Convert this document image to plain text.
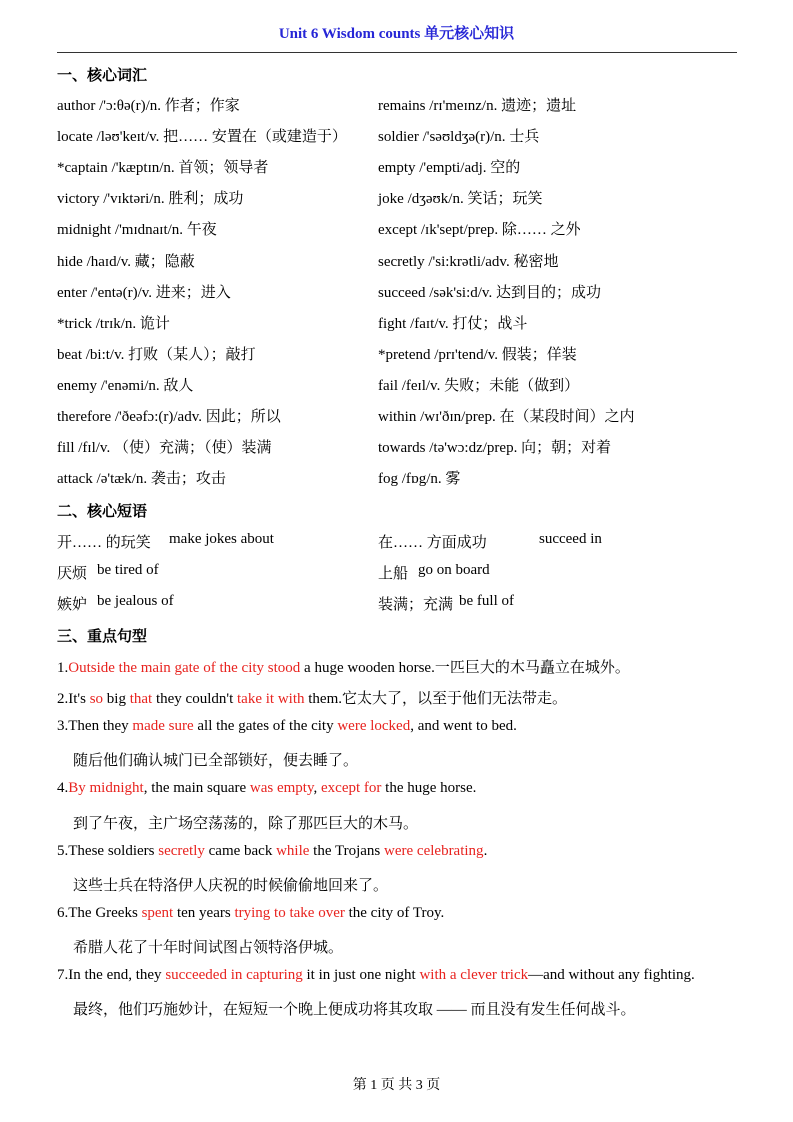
Unit 6 Wisdom counts 单元核心知识
一、核心词汇
author /'ɔ:θə(r)/n. 作者；作家	remains /rɪ'meɪnz/n. 遗迹；遗址
locate /ləʊ'keɪt/v. 把…… 安置在（或建造于） soldier /'səʊldʒə(r)/n. 士兵
*captain /'kæptɪn/n. 首领；领导者	empty /'empti/adj. 空的
victory /'vɪktəri/n. 胜利；成功	joke /dʒəʊk/n. 笑话；玩笑
midnight /'mɪdnaɪt/n. 午夜	except /ɪk'sept/prep. 除…… 之外
hide /haɪd/v. 藏；隐蔽	secretly /'si:krətli/adv. 秘密地
enter /'entə(r)/v. 进来；进入	succeed /sək'si:d/v. 达到目的；成功
*trick /trɪk/n. 诡计	fight /faɪt/v. 打仗；战斗
beat /bi:t/v. 打败（某人）；敲打	*pretend /prɪ'tend/v. 假装；佯装
enemy /'enəmi/n. 敌人	fail /feɪl/v. 失败；未能（做到）
therefore /'ðeəfɔ:(r)/adv. 因此；所以	within /wɪ'ðɪn/prep. 在（某段时间）之内
fill /fɪl/v. （使）充满；（使）装满	towards /tə'wɔ:dz/prep. 向；朝；对着
attack /ə'tæk/n. 袭击；攻击	fog /fɒg/n. 雾
二、核心短语
开…… 的玩笑 make jokes about	在…… 方面成功	succeed in
厌烦 be tired of	上船 go on board
嫉妒 be jealous of	装满；充满 be full of
三、重点句型
1.Outside the main gate of the city stood a huge wooden horse.一匹巨大的木马矗立在城外。
2.It's so big that they couldn't take it with them.它太大了，以至于他们无法带走。
3.Then they made sure all the gates of the city were locked, and went to bed.
随后他们确认城门已全部锁好，便去睡了。
4.By midnight, the main square was empty, except for the huge horse.
到了午夜，主广场空荡荡的，除了那匹巨大的木马。
5.These soldiers secretly came back while the Trojans were celebrating.
这些士兵在特洛伊人庆祝的时候偷偷地回来了。
6.The Greeks spent ten years trying to take over the city of Troy.
希腊人花了十年时间试图占领特洛伊城。
7.In the end, they succeeded in capturing it in just one night with a clever trick—and without any fighting.
最终，他们巧施妙计，在短短一个晚上便成功将其攻取 —— 而且没有发生任何战斗。
第 1 页 共 3 页
